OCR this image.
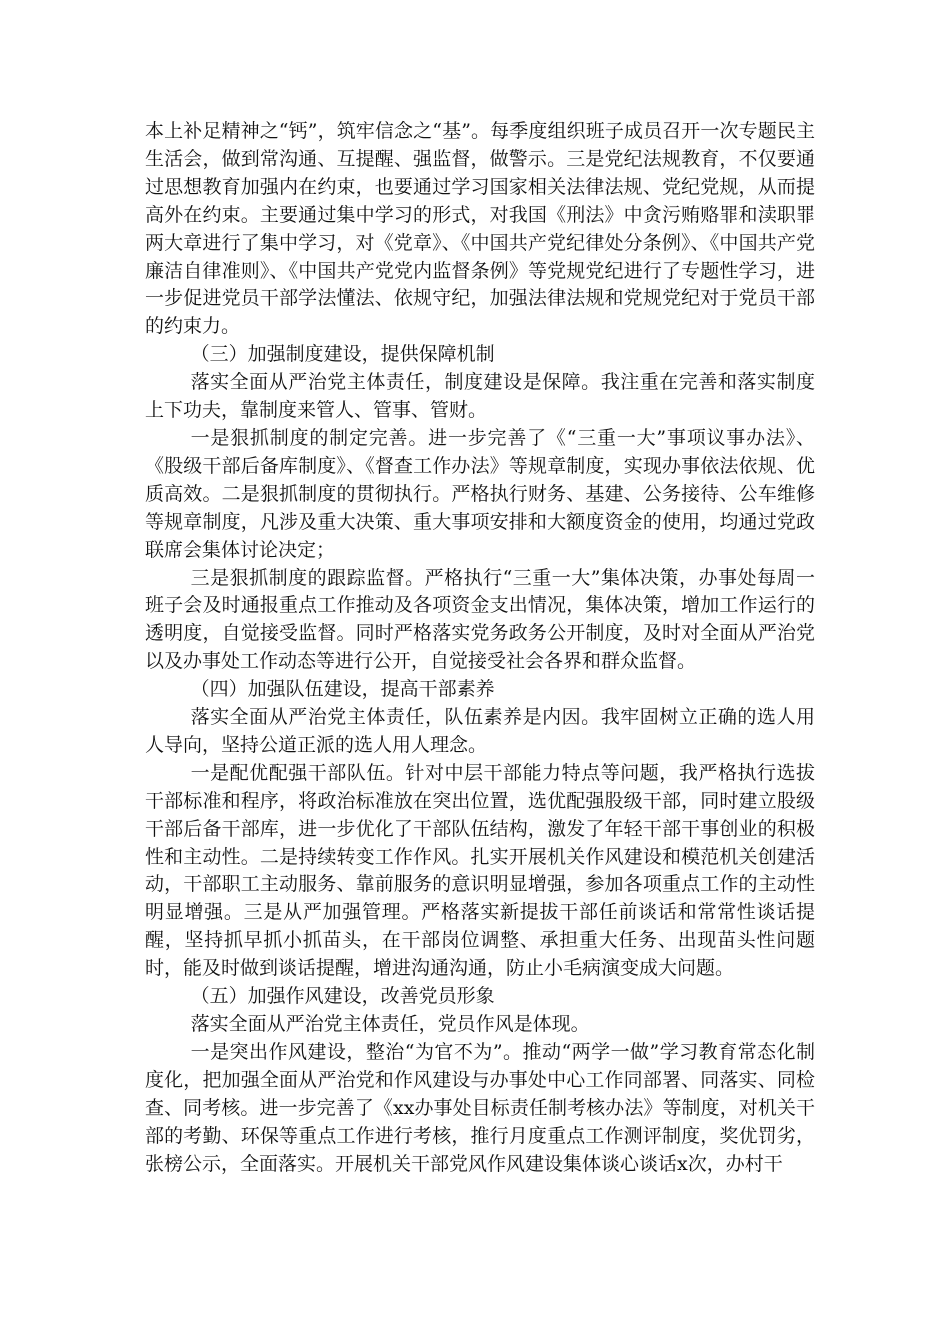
本上补足精神之“钙”，筑牢信念之“基”。每季度组织班子成员召开一次专题民主生活会，做到常沟通、互提醒、强监督，做警示。三是党纪法规教育，不仅要通过思想教育加强内在约束，也要通过学习国家相关法律法规、党纪党规，从而提高外在约束。主要通过集中学习的形式，对我国《刑法》中贪污贿赂罪和渎职罪两大章进行了集中学习，对《党章》、《中国共产党纪律处分条例》、《中国共产党廉洁自律准则》、《中国共产党党内监督条例》等党规党纪进行了专题性学习，进一步促进党员干部学法懂法、依规守纪，加强法律法规和党规党纪对于党员干部的约束力。

（三）加强制度建设，提供保障机制

落实全面从严治党主体责任，制度建设是保障。我注重在完善和落实制度上下功夫，靠制度来管人、管事、管财。

一是狠抓制度的制定完善。进一步完善了《“三重一大”事项议事办法》、《股级干部后备库制度》、《督查工作办法》等规章制度，实现办事依法依规、优质高效。二是狠抓制度的贯彻执行。严格执行财务、基建、公务接待、公车维修等规章制度，凡涉及重大决策、重大事项安排和大额度资金的使用，均通过党政联席会集体讨论决定；

三是狠抓制度的跟踪监督。严格执行“三重一大”集体决策，办事处每周一班子会及时通报重点工作推动及各项资金支出情况，集体决策，增加工作运行的透明度，自觉接受监督。同时严格落实党务政务公开制度，及时对全面从严治党以及办事处工作动态等进行公开，自觉接受社会各界和群众监督。

（四）加强队伍建设，提高干部素养

落实全面从严治党主体责任，队伍素养是内因。我牢固树立正确的选人用人导向，坚持公道正派的选人用人理念。

一是配优配强干部队伍。针对中层干部能力特点等问题，我严格执行选拔干部标准和程序，将政治标准放在突出位置，选优配强股级干部，同时建立股级干部后备干部库，进一步优化了干部队伍结构，激发了年轻干部干事创业的积极性和主动性。二是持续转变工作作风。扎实开展机关作风建设和模范机关创建活动，干部职工主动服务、靠前服务的意识明显增强，参加各项重点工作的主动性明显增强。三是从严加强管理。严格落实新提拔干部任前谈话和常常性谈话提醒，坚持抓早抓小抓苗头，在干部岗位调整、承担重大任务、出现苗头性问题时，能及时做到谈话提醒，增进沟通沟通，防止小毛病演变成大问题。

（五）加强作风建设，改善党员形象

落实全面从严治党主体责任，党员作风是体现。

一是突出作风建设，整治“为官不为”。推动“两学一做”学习教育常态化制度化，把加强全面从严治党和作风建设与办事处中心工作同部署、同落实、同检查、同考核。进一步完善了《xx办事处目标责任制考核办法》等制度，对机关干部的考勤、环保等重点工作进行考核，推行月度重点工作测评制度，奖优罚劣，张榜公示，全面落实。开展机关干部党风作风建设集体谈心谈话x次，办村干
